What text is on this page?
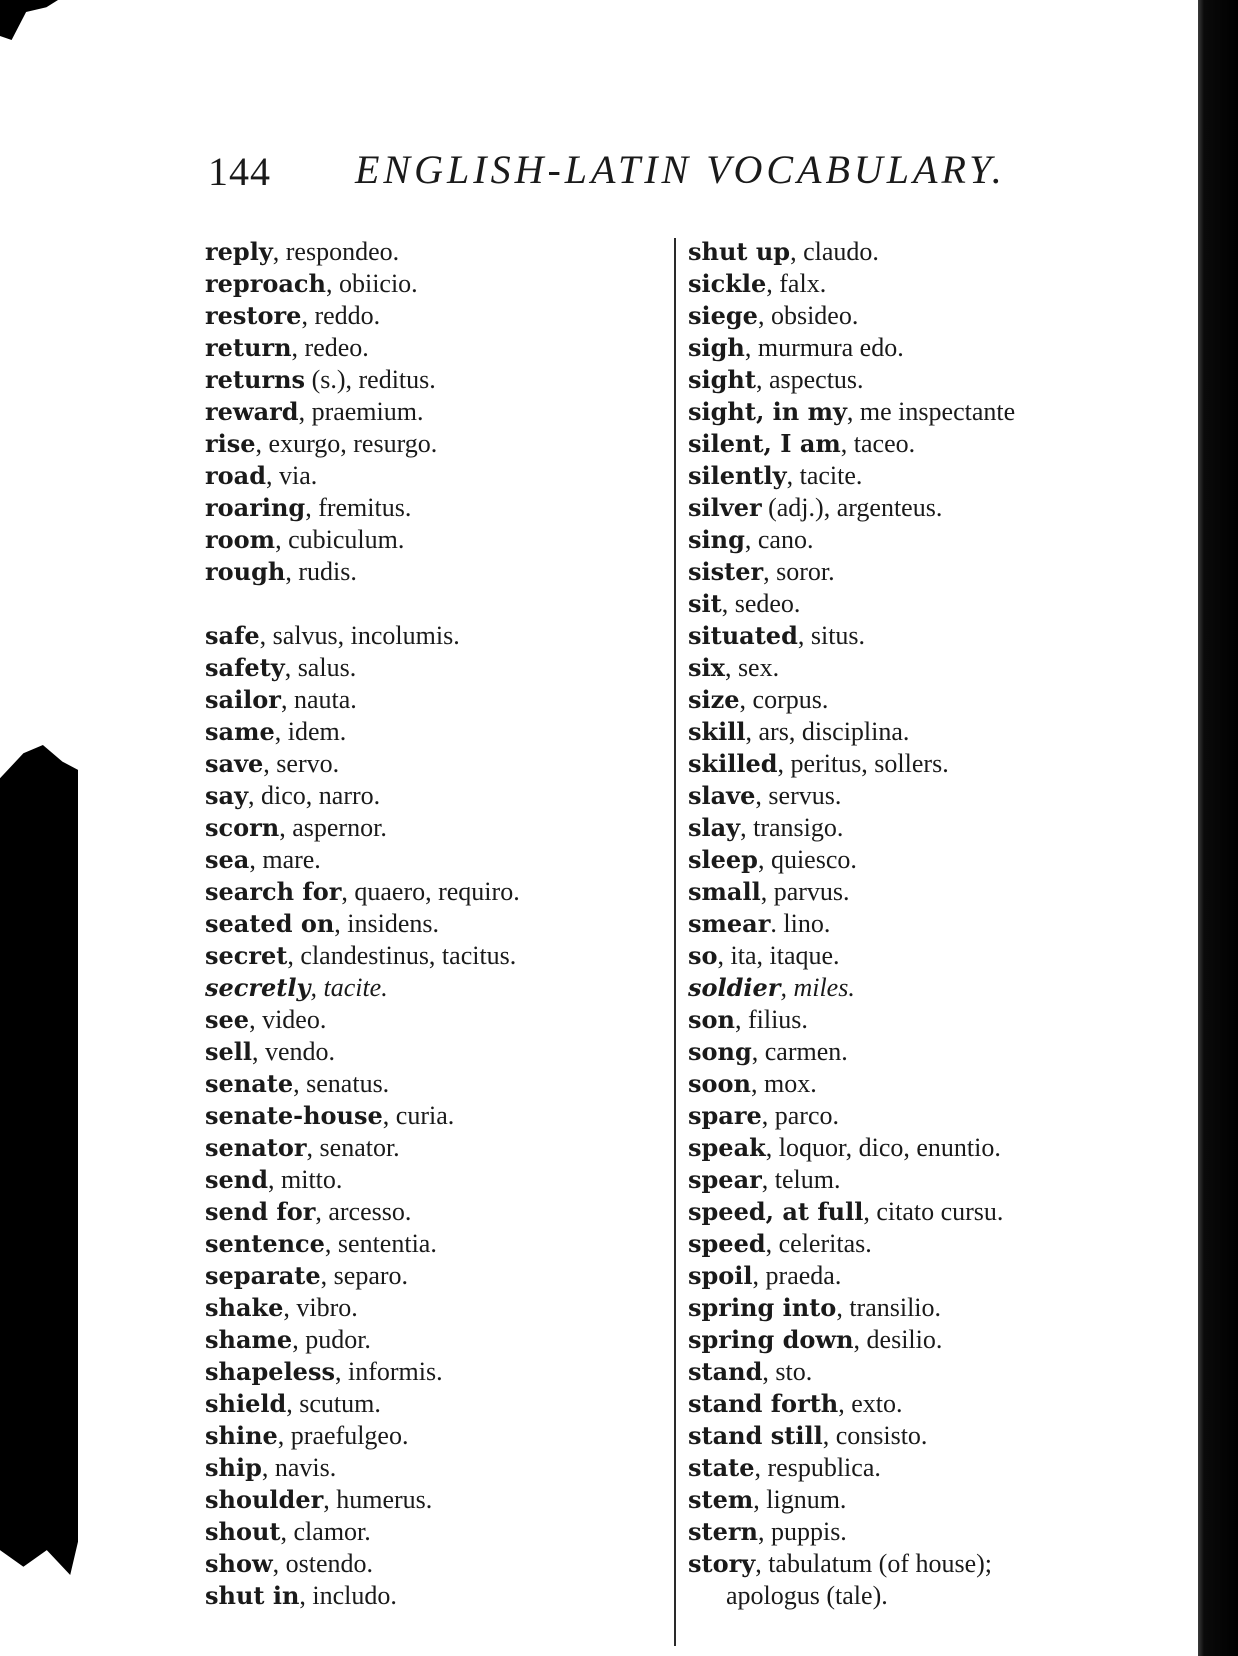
144 ENGLISH-LATIN VOCABULARY.
reply, respondeo.
reproach, obiicio.
restore, reddo.
return, redeo.
returns (s.), reditus.
reward, praemium.
rise, exurgo, resurgo.
road, via.
roaring, fremitus.
room, cubiculum.
rough, rudis.
safe, salvus, incolumis.
safety, salus.
sailor, nauta.
same, idem.
save, servo.
say, dico, narro.
scorn, aspernor.
sea, mare.
search for, quaero, requiro.
seated on, insidens.
secret, clandestinus, tacitus.
secretly, tacite.
see, video.
sell, vendo.
senate, senatus.
senate-house, curia.
senator, senator.
send, mitto.
send for, arcesso.
sentence, sententia.
separate, separo.
shake, vibro.
shame, pudor.
shapeless, informis.
shield, scutum.
shine, praefulgeo.
ship, navis.
shoulder, humerus.
shout, clamor.
show, ostendo.
shut in, includo.
shut up, claudo.
sickle, falx.
siege, obsideo.
sigh, murmura edo.
sight, aspectus.
sight, in my, me inspectante
silent, I am, taceo.
silently, tacite.
silver (adj.), argenteus.
sing, cano.
sister, soror.
sit, sedeo.
situated, situs.
six, sex.
size, corpus.
skill, ars, disciplina.
skilled, peritus, sollers.
slave, servus.
slay, transigo.
sleep, quiesco.
small, parvus.
smear. lino.
so, ita, itaque.
soldier, miles.
son, filius.
song, carmen.
soon, mox.
spare, parco.
speak, loquor, dico, enuntio.
spear, telum.
speed, at full, citato cursu.
speed, celeritas.
spoil, praeda.
spring into, transilio.
spring down, desilio.
stand, sto.
stand forth, exto.
stand still, consisto.
state, respublica.
stem, lignum.
stern, puppis.
story, tabulatum (of house);
apologus (tale).
